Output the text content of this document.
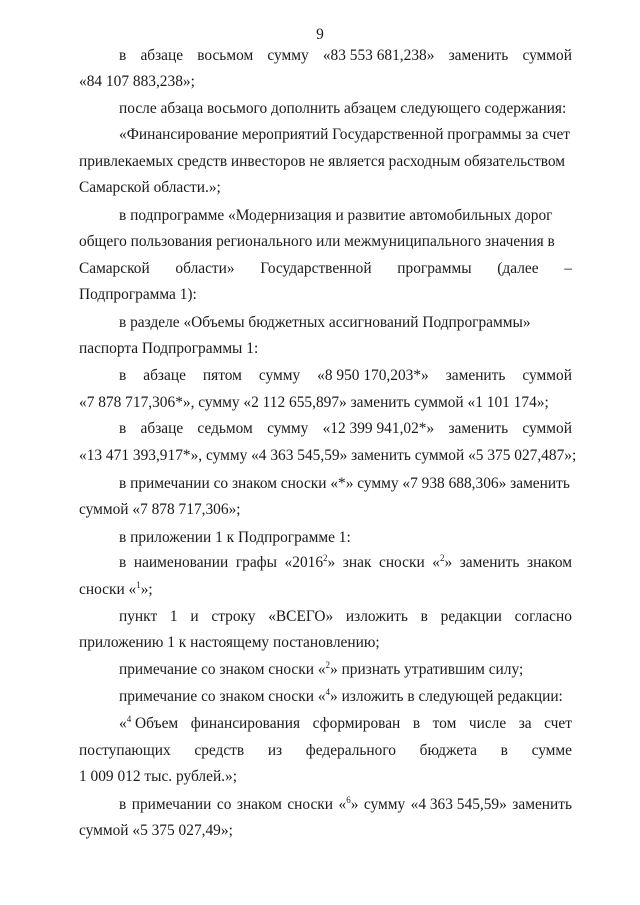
9
в абзаце восьмом сумму «83 553 681,238» заменить суммой
«84 107 883,238»;
после абзаца восьмого дополнить абзацем следующего содержания:
«Финансирование мероприятий Государственной программы за счет
привлекаемых средств инвесторов не является расходным обязательством
Самарской области.»;
в подпрограмме «Модернизация и развитие автомобильных дорог
общего пользования регионального или межмуниципального значения в
Самарской области» Государственной программы (далее –
Подпрограмма 1):
в разделе «Объемы бюджетных ассигнований Подпрограммы»
паспорта Подпрограммы 1:
в абзаце пятом сумму «8 950 170,203*» заменить суммой
«7 878 717,306*», сумму «2 112 655,897» заменить суммой «1 101 174»;
в абзаце седьмом сумму «12 399 941,02*» заменить суммой
«13 471 393,917*», сумму «4 363 545,59» заменить суммой «5 375 027,487»;
в примечании со знаком сноски «*» сумму «7 938 688,306» заменить
суммой «7 878 717,306»;
в приложении 1 к Подпрограмме 1:
в наименовании графы «2016$^2$» знак сноски «$^2$» заменить знаком
сноски «$^1$»;
пункт 1 и строку «ВСЕГО» изложить в редакции согласно
приложению 1 к настоящему постановлению;
примечание со знаком сноски «$^2$» признать утратившим силу;
примечание со знаком сноски «$^4$» изложить в следующей редакции:
«$^4$ Объем финансирования сформирован в том числе за счет
поступающих средств из федерального бюджета в сумме
1 009 012 тыс. рублей.»;
в примечании со знаком сноски «$^6$» сумму «4 363 545,59» заменить
суммой «5 375 027,49»;
